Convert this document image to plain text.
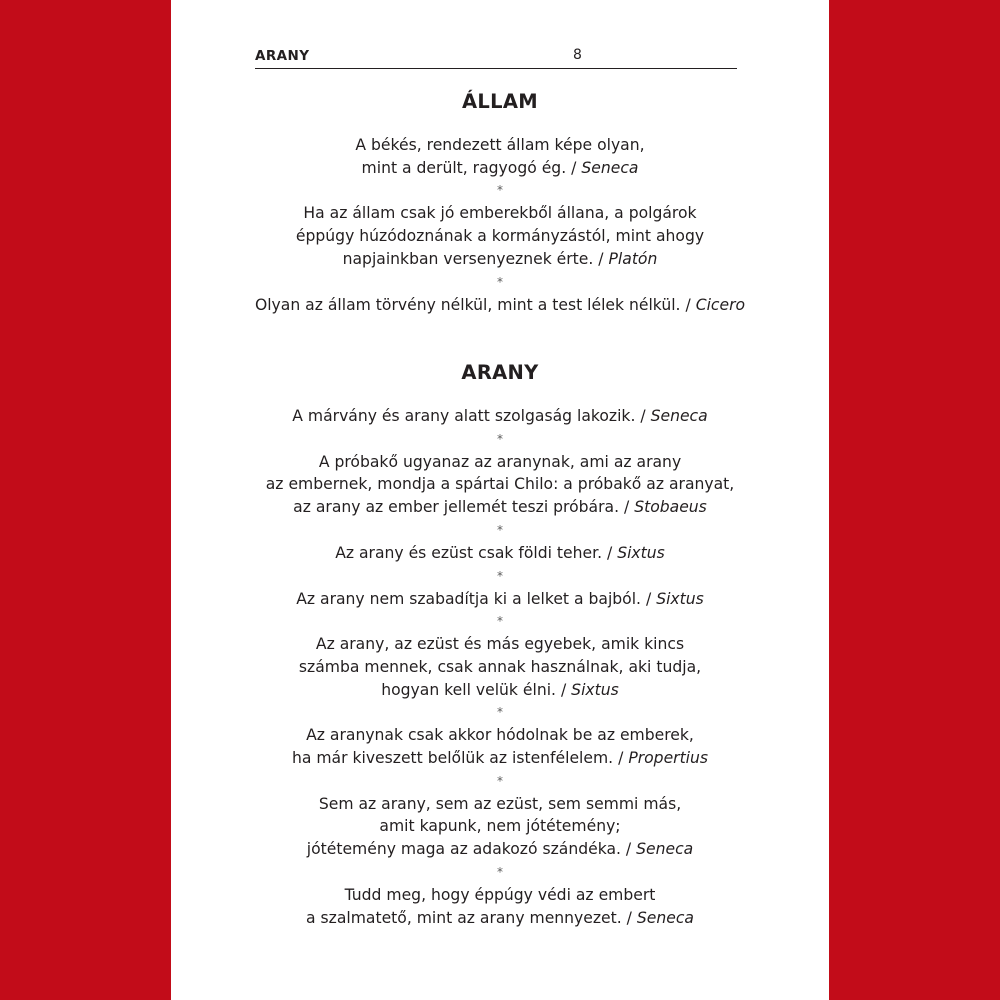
ARANY	8
ÁLLAM
A békés, rendezett állam képe olyan,
mint a derült, ragyogó ég. / Seneca
*
Ha az állam csak jó emberekből állana, a polgárok
éppúgy húzódoznának a kormányzástól, mint ahogy
napjainkban versenyeznek érte. / Platón
*
Olyan az állam törvény nélkül, mint a test lélek nélkül. / Cicero
ARANY
A márvány és arany alatt szolgaság lakozik. / Seneca
*
A próbakő ugyanaz az aranynak, ami az arany
az embernek, mondja a spártai Chilo: a próbakő az aranyat,
az arany az ember jellemét teszi próbára. / Stobaeus
*
Az arany és ezüst csak földi teher. / Sixtus
*
Az arany nem szabadítja ki a lelket a bajból. / Sixtus
*
Az arany, az ezüst és más egyebek, amik kincs
számba mennek, csak annak használnak, aki tudja,
hogyan kell velük élni. / Sixtus
*
Az aranynak csak akkor hódolnak be az emberek,
ha már kiveszett belőlük az istenfélelem. / Propertius
*
Sem az arany, sem az ezüst, sem semmi más,
amit kapunk, nem jótétemény;
jótétemény maga az adakozó szándéka. / Seneca
*
Tudd meg, hogy éppúgy védi az embert
a szalmatető, mint az arany mennyezet. / Seneca
